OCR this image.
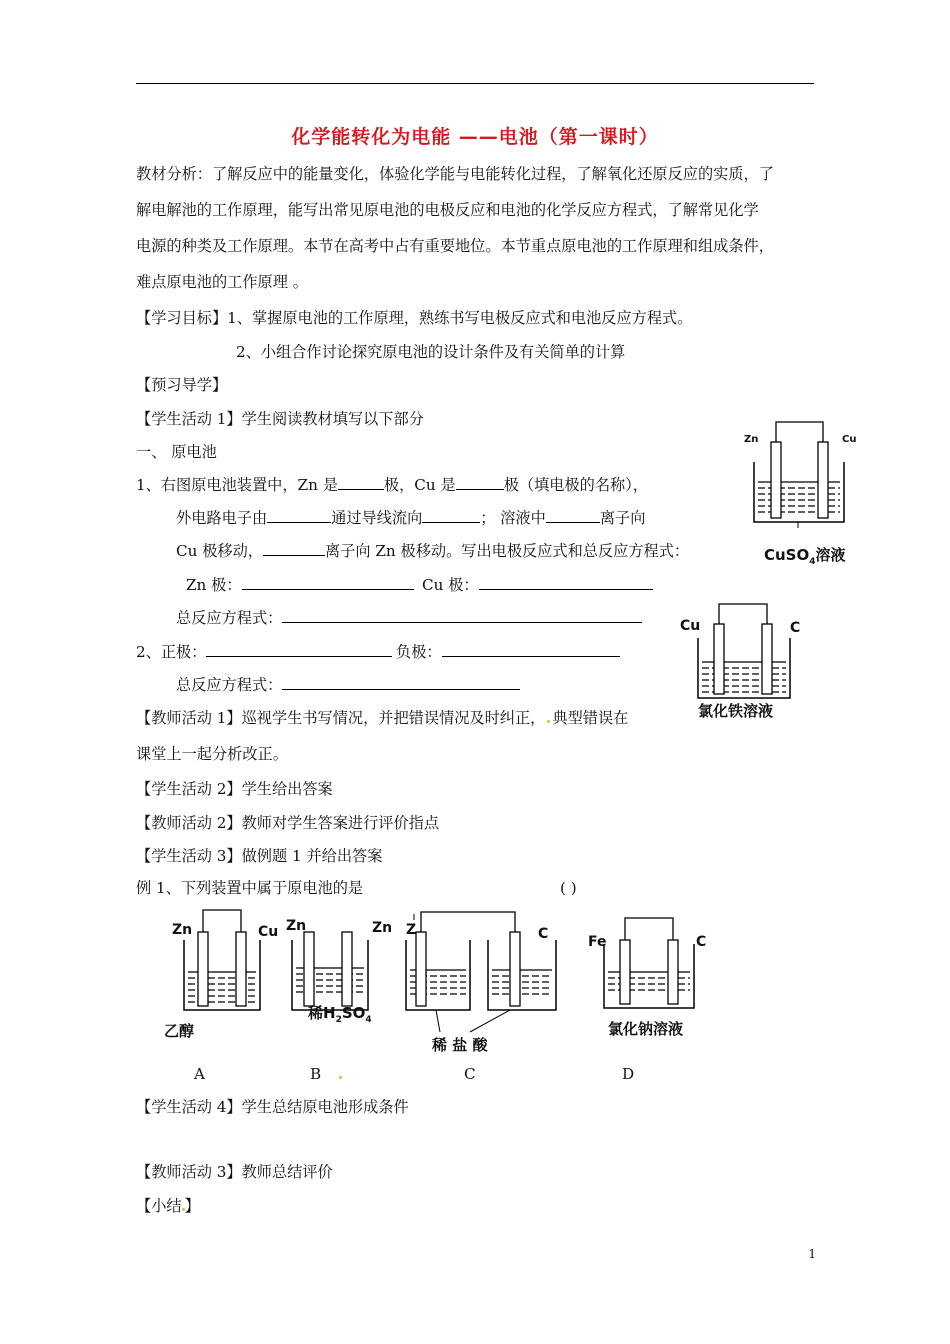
化学能转化为电能 ——电池（第一课时）
教材分析：了解反应中的能量变化，体验化学能与电能转化过程，了解氧化还原反应的实质，了
解电解池的工作原理，能写出常见原电池的电极反应和电池的化学反应方程式，了解常见化学
电源的种类及工作原理。本节在高考中占有重要地位。本节重点原电池的工作原理和组成条件，
难点原电池的工作原理 。
【学习目标】1、掌握原电池的工作原理，熟练书写电极反应式和电池反应方程式。
2、小组合作讨论探究原电池的设计条件及有关简单的计算
【预习导学】
【学生活动 1】学生阅读教材填写以下部分
一、 原电池
1、右图原电池装置中，Zn 是	极，Cu 是	极（填电极的名称），
外电路电子由	通过导线流向	； 溶液中	离子向
Cu 极移动，	离子向 Zn 极移动。写出电极反应式和总反应方程式：
Zn 极：	Cu 极：
总反应方程式：
2、正极：	负极：
总反应方程式：
【教师活动 1】巡视学生书写情况，并把错误情况及时纠正， 典型错误在
课堂上一起分析改正。
【学生活动 2】学生给出答案
【教师活动 2】教师对学生答案进行评价指点
【学生活动 3】做例题 1 并给出答案
例 1、下列装置中属于原电池的是	( )
Zn	Cu
CuSO$_4$溶液
Cu	C
氯化铁溶液
Zn	Cu
乙醇
A
Zn	Zn
稀$H_2SO_4$
B
Z	C
稀 盐 酸
C
Fe	C
氯化钠溶液
D
【学生活动 4】学生总结原电池形成条件
【教师活动 3】教师总结评价
【小结 】
1
